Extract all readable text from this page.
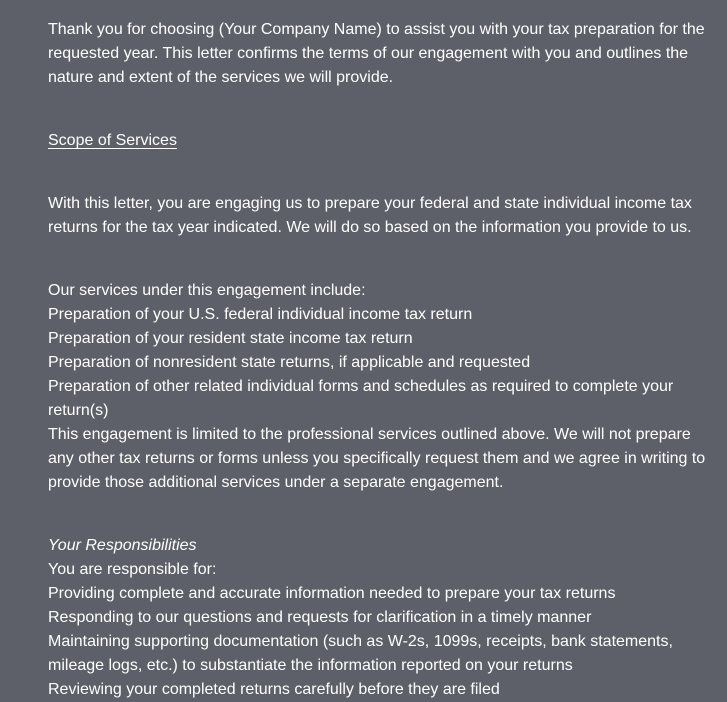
Thank you for choosing (Your Company Name) to assist you with your tax preparation for the requested year. This letter confirms the terms of our engagement with you and outlines the nature and extent of the services we will provide.

Scope of Services

With this letter, you are engaging us to prepare your federal and state individual income tax returns for the tax year indicated. We will do so based on the information you provide to us.

Our services under this engagement include:

Preparation of your U.S. federal individual income tax return

Preparation of your resident state income tax return

Preparation of nonresident state returns, if applicable and requested

Preparation of other related individual forms and schedules as required to complete your return(s)

This engagement is limited to the professional services outlined above. We will not prepare any other tax returns or forms unless you specifically request them and we agree in writing to provide those additional services under a separate engagement.

Your Responsibilities

You are responsible for:

Providing complete and accurate information needed to prepare your tax returns

Responding to our questions and requests for clarification in a timely manner

Maintaining supporting documentation (such as W-2s, 1099s, receipts, bank statements, mileage logs, etc.) to substantiate the information reported on your returns

Reviewing your completed returns carefully before they are filed
